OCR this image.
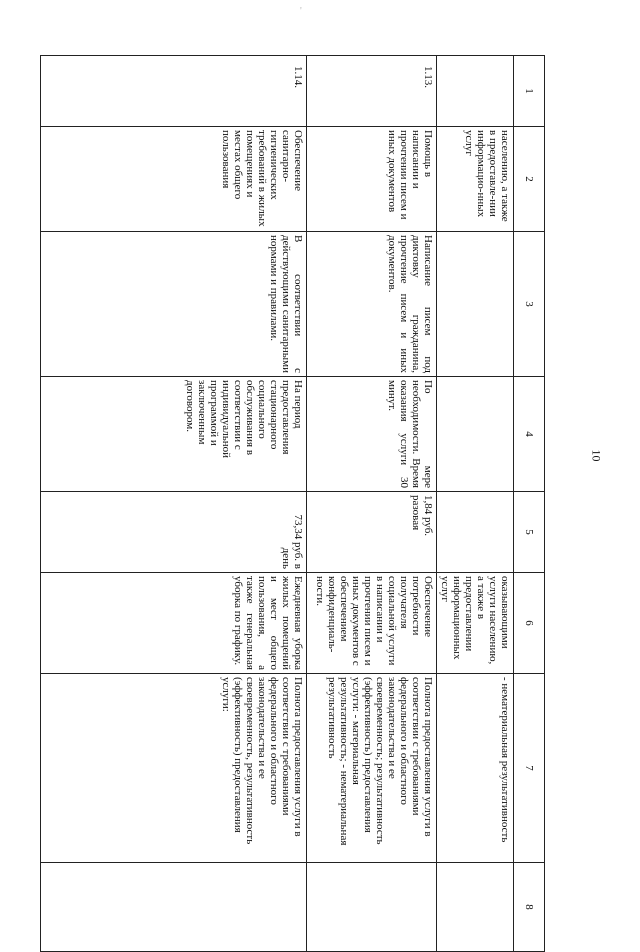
'
1	2	3	4	5	6	7	8
	населению, а также в предоставле-нии информацио-нных услуг				оказывающими услуги населению, а также в предоставлении информационных услуг	- нематериальная результативность	
1.13.	Помощь в написании и прочтении писем и иных документов	Написание писем под диктовку гражданина, прочтение писем и иных документов.	По мере необходимости. Время оказания услуги 30 минут.	1,84 руб. разовая	Обеспечение потребности получателя социальной услуги в написании и прочтении писем и иных документов с обеспечением конфиденциаль-ности.	Полнота предоставления услуги в соответствии с требованиями федерального и областного законодательства и ее своевременность; результативность (эффективность) предоставления услуги: - материальная результативность; - нематериальная результативность	
1.14.	Обеспечение санитарно-гигиенических требований в жилых помещениях и местах общего пользования	В соответствии с действующими санитарными нормами и правилами.	На период предоставления стационарного социального обслуживания в соответствии с индивидуальной программой и заключенным договором.	73,34 руб. в день	Ежедневная уборка жилых помещений и мест общего пользования, а также генеральная уборка по графику.	Полнота предоставления услуги в соответствии с требованиями федерального и областного законодательства и ее своевременность, результативность (эффективность) предоставления услуги:	
10
